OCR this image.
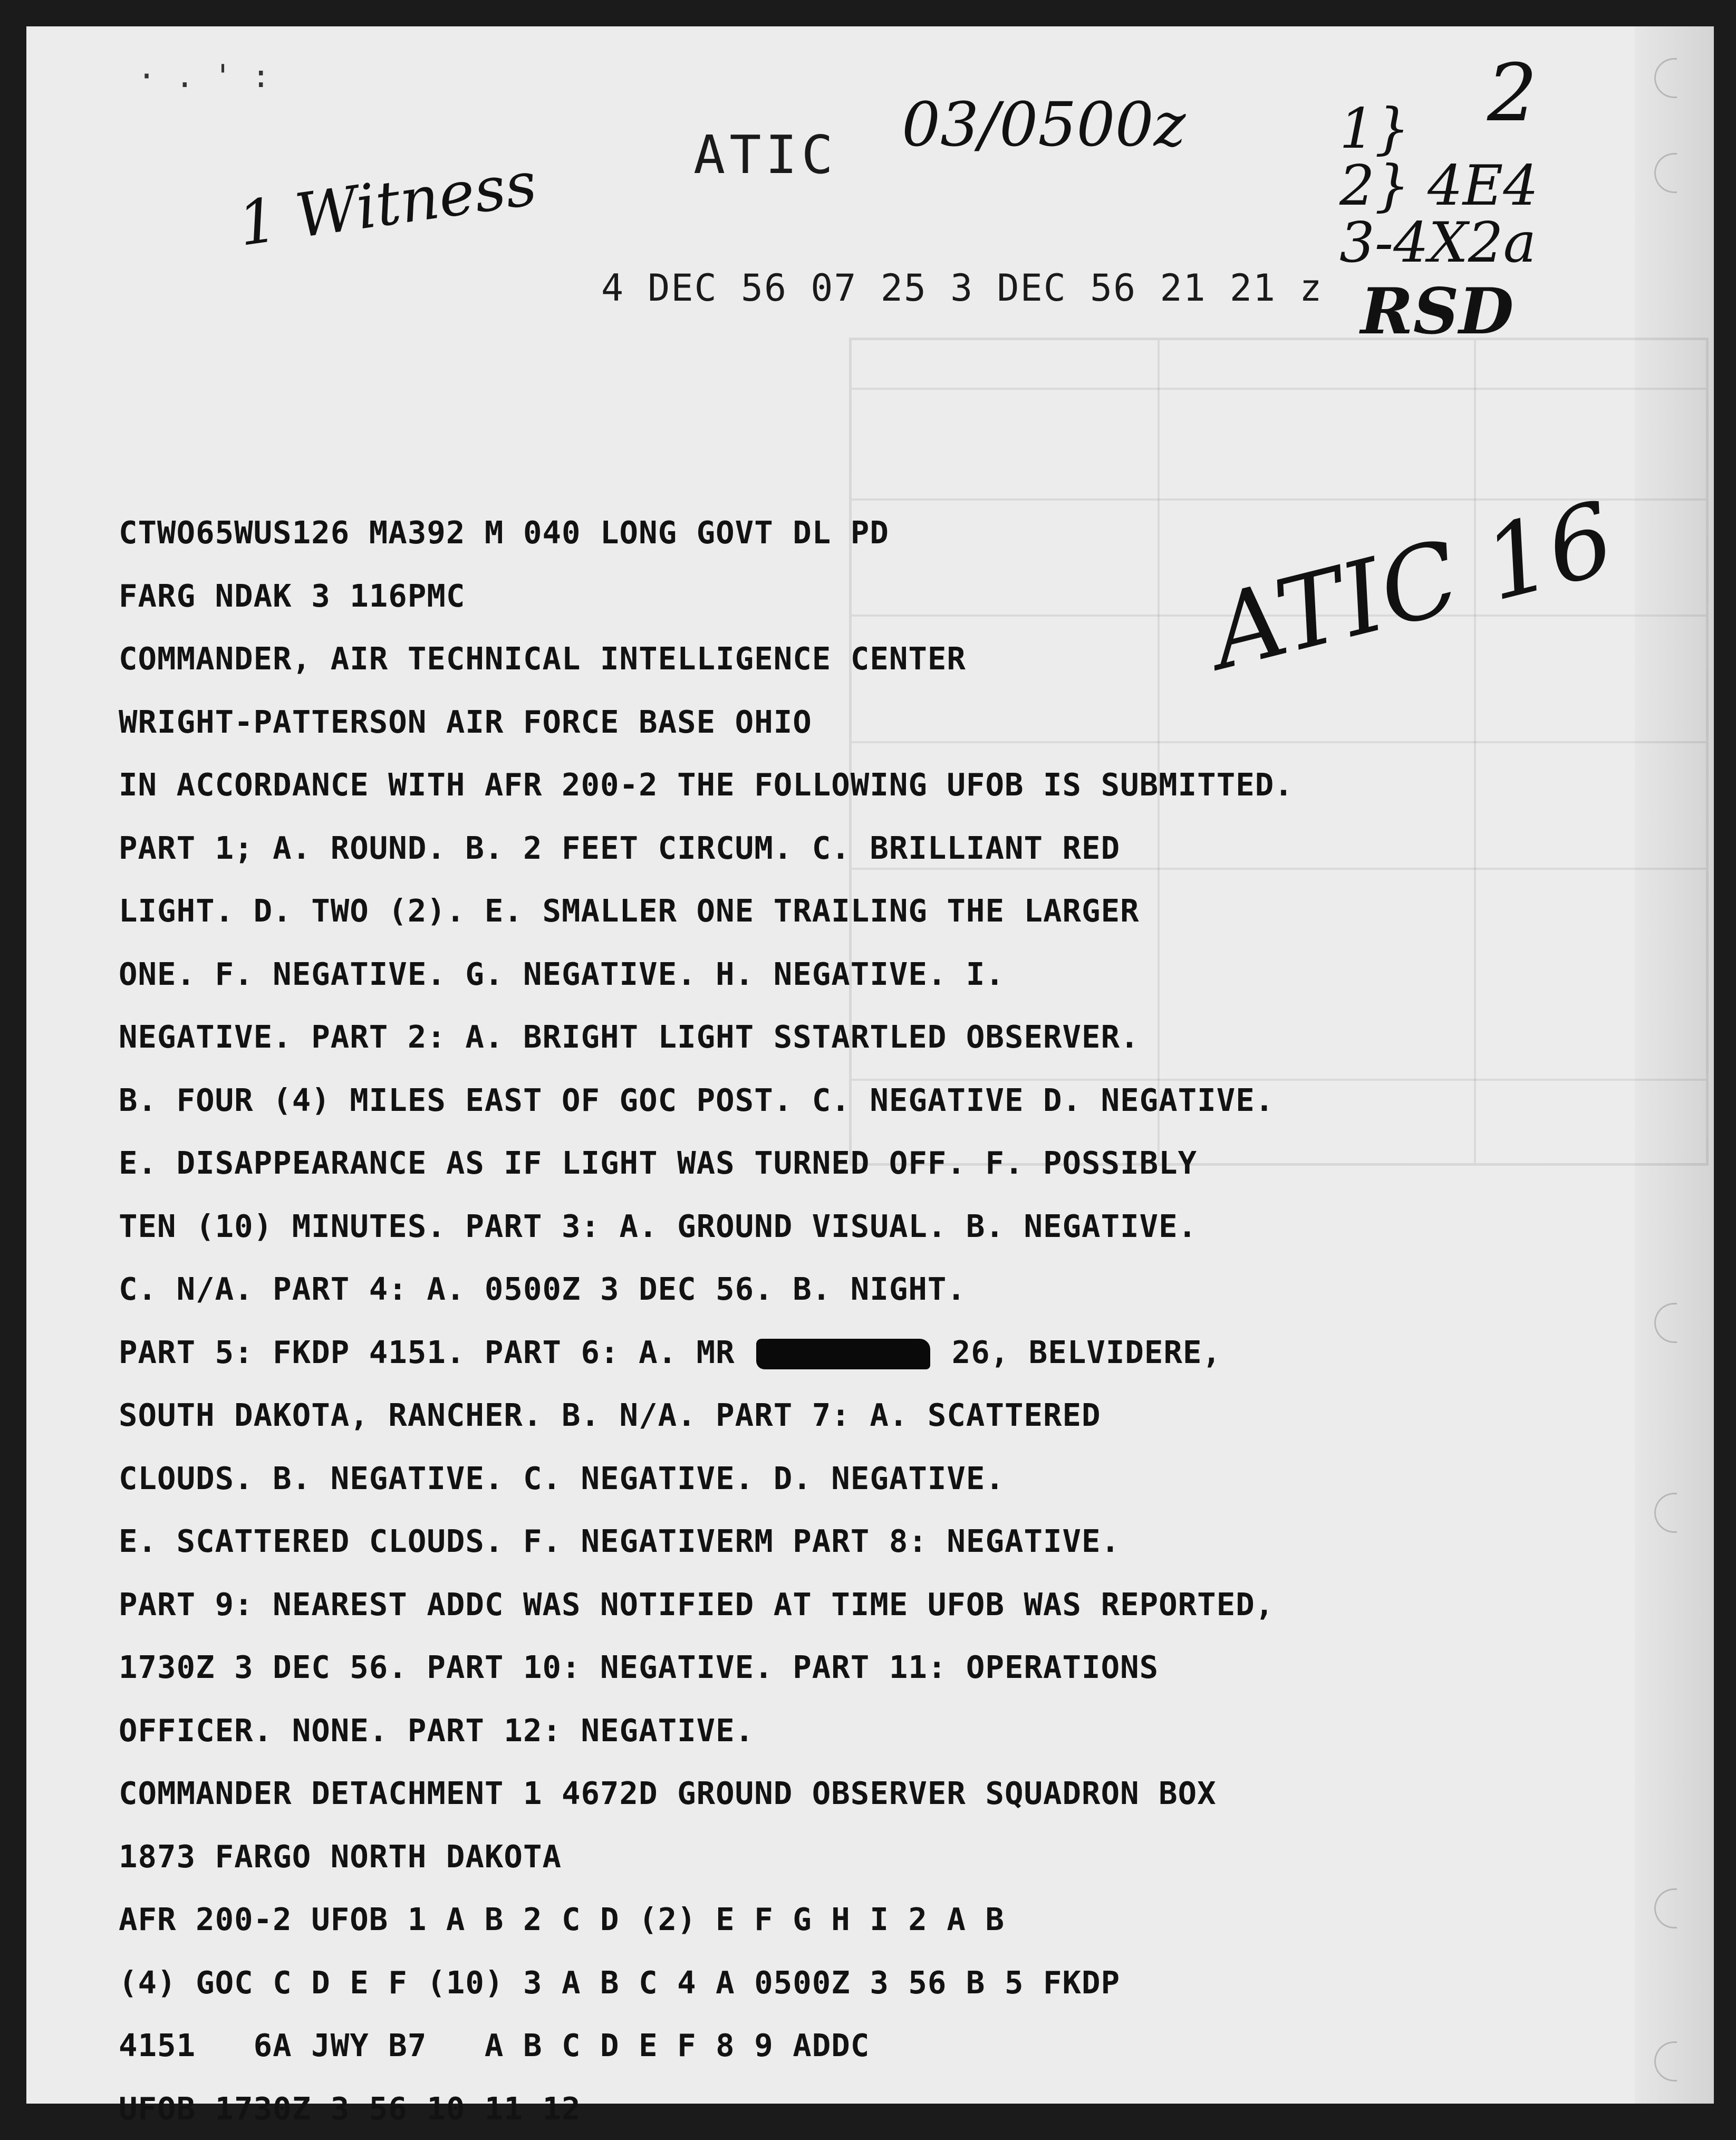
· . ' :
1 Witness
03/0500z
ATIC
2
1}
2} 4E4
3-4X2a
RSD
ATIC 16
4 DEC 56 07 25 3 DEC 56 21 21 z
CTWO65WUS126 MA392 M 040 LONG GOVT DL PD
FARG NDAK 3 116PMC
COMMANDER, AIR TECHNICAL INTELLIGENCE CENTER
WRIGHT-PATTERSON AIR FORCE BASE OHIO
IN ACCORDANCE WITH AFR 200-2 THE FOLLOWING UFOB IS SUBMITTED.
PART 1; A. ROUND. B. 2 FEET CIRCUM. C. BRILLIANT RED
LIGHT. D. TWO (2). E. SMALLER ONE TRAILING THE LARGER
ONE. F. NEGATIVE. G. NEGATIVE. H. NEGATIVE. I.
NEGATIVE. PART 2: A. BRIGHT LIGHT SSTARTLED OBSERVER.
B. FOUR (4) MILES EAST OF GOC POST. C. NEGATIVE D. NEGATIVE.
E. DISAPPEARANCE AS IF LIGHT WAS TURNED OFF. F. POSSIBLY
TEN (10) MINUTES. PART 3: A. GROUND VISUAL. B. NEGATIVE.
C. N/A. PART 4: A. 0500Z 3 DEC 56. B. NIGHT.
PART 5: FKDP 4151. PART 6: A. MR	26, BELVIDERE,
SOUTH DAKOTA, RANCHER. B. N/A. PART 7: A. SCATTERED
CLOUDS. B. NEGATIVE. C. NEGATIVE. D. NEGATIVE.
E. SCATTERED CLOUDS. F. NEGATIVERM PART 8: NEGATIVE.
PART 9: NEAREST ADDC WAS NOTIFIED AT TIME UFOB WAS REPORTED,
1730Z 3 DEC 56. PART 10: NEGATIVE. PART 11: OPERATIONS
OFFICER. NONE. PART 12: NEGATIVE.
COMMANDER DETACHMENT 1 4672D GROUND OBSERVER SQUADRON BOX
1873 FARGO NORTH DAKOTA
AFR 200-2 UFOB 1 A B 2 C D (2) E F G H I 2 A B
(4) GOC C D E F (10) 3 A B C 4 A 0500Z 3 56 B 5 FKDP
4151   6A JWY B7   A B C D E F 8 9 ADDC
UFOB 1730Z 3 56 10 11 12
